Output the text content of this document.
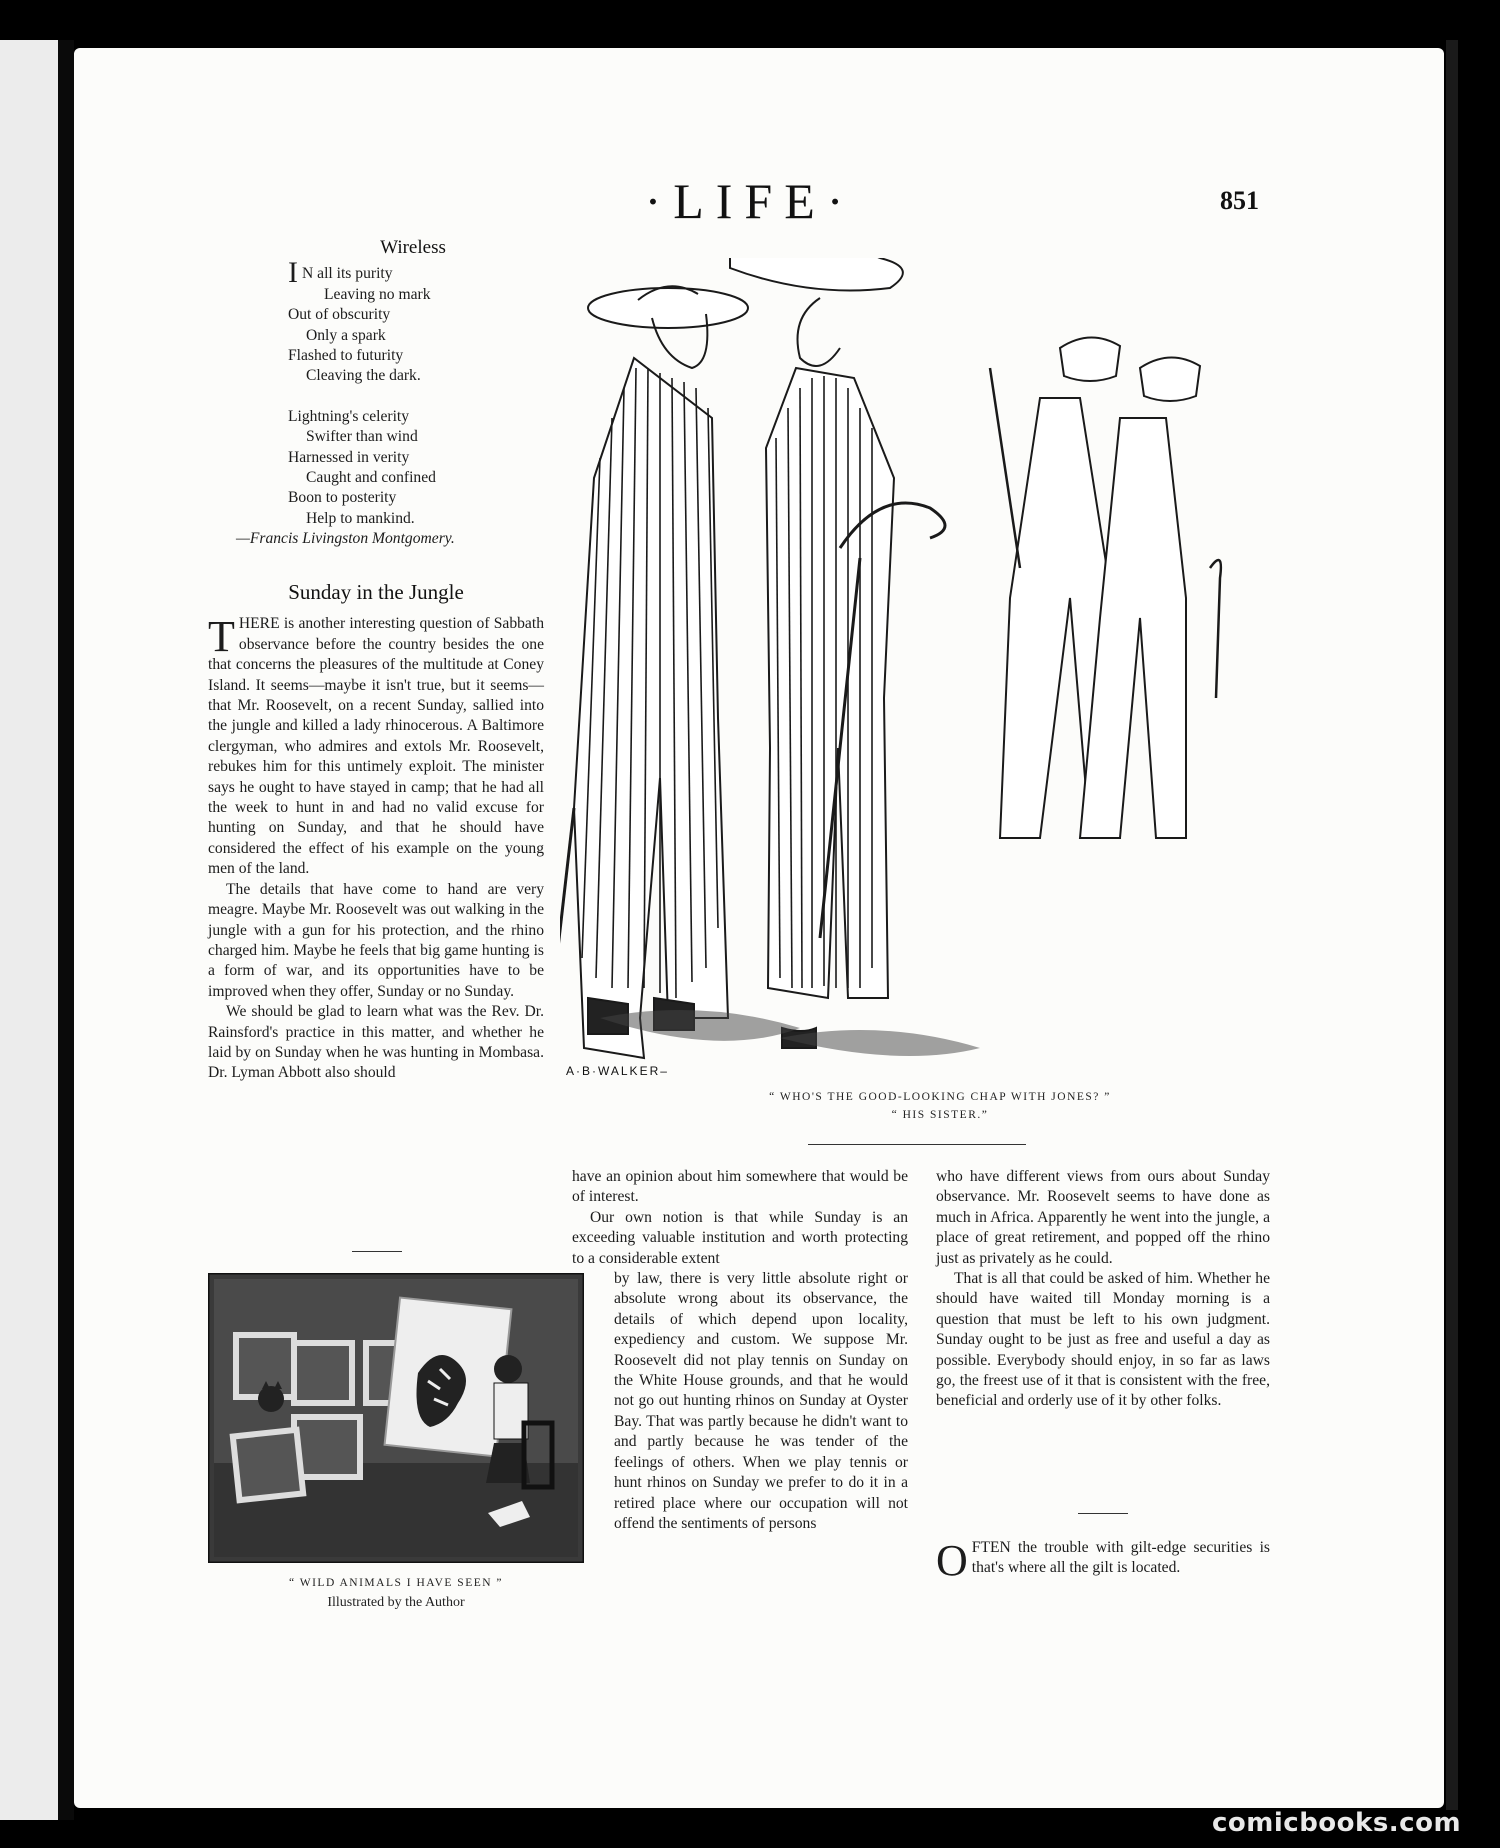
·LIFE·	851
Wireless
I N all its purity
Leaving no mark
Out of obscurity
Only a spark
Flashed to futurity
Cleaving the dark.
Lightning's celerity
Swifter than wind
Harnessed in verity
Caught and confined
Boon to posterity
Help to mankind.
—Francis Livingston Montgomery.
Sunday in the Jungle

THERE is another interesting question of Sabbath observance before the country besides the one that concerns the pleasures of the multitude at Coney Island. It seems—maybe it isn't true, but it seems—that Mr. Roosevelt, on a recent Sunday, sallied into the jungle and killed a lady rhinocerous. A Baltimore clergyman, who admires and extols Mr. Roosevelt, rebukes him for this untimely exploit. The minister says he ought to have stayed in camp; that he had all the week to hunt in and had no valid excuse for hunting on Sunday, and that he should have considered the effect of his example on the young men of the land.

The details that have come to hand are very meagre. Maybe Mr. Roosevelt was out walking in the jungle with a gun for his protection, and the rhino charged him. Maybe he feels that big game hunting is a form of war, and its opportunities have to be improved when they offer, Sunday or no Sunday.

We should be glad to learn what was the Rev. Dr. Rainsford's practice in this matter, and whether he laid by on Sunday when he was hunting in Mombasa. Dr. Lyman Abbott also should

“ WILD ANIMALS I HAVE SEEN ”
Illustrated by the Author
A·B·WALKER–
“ WHO'S THE GOOD-LOOKING CHAP WITH JONES? ”
“ HIS SISTER.”

have an opinion about him somewhere that would be of interest.

Our own notion is that while Sunday is an exceeding valuable institution and worth protecting to a considerable extent

by law, there is very little absolute right or absolute wrong about its observance, the details of which depend upon locality, expediency and custom. We suppose Mr. Roosevelt did not play tennis on Sunday on the White House grounds, and that he would not go out hunting rhinos on Sunday at Oyster Bay. That was partly because he didn't want to and partly because he was tender of the feelings of others. When we play tennis or hunt rhinos on Sunday we prefer to do it in a retired place where our occupation will not offend the sentiments of persons

who have different views from ours about Sunday observance. Mr. Roosevelt seems to have done as much in Africa. Apparently he went into the jungle, a place of great retirement, and popped off the rhino just as privately as he could.

That is all that could be asked of him. Whether he should have waited till Monday morning is a question that must be left to his own judgment. Sunday ought to be just as free and useful a day as possible. Everybody should enjoy, in so far as laws go, the freest use of it that is consistent with the free, beneficial and orderly use of it by other folks.

OFTEN the trouble with gilt-edge securities is that's where all the gilt is located.

comicbooks.com
